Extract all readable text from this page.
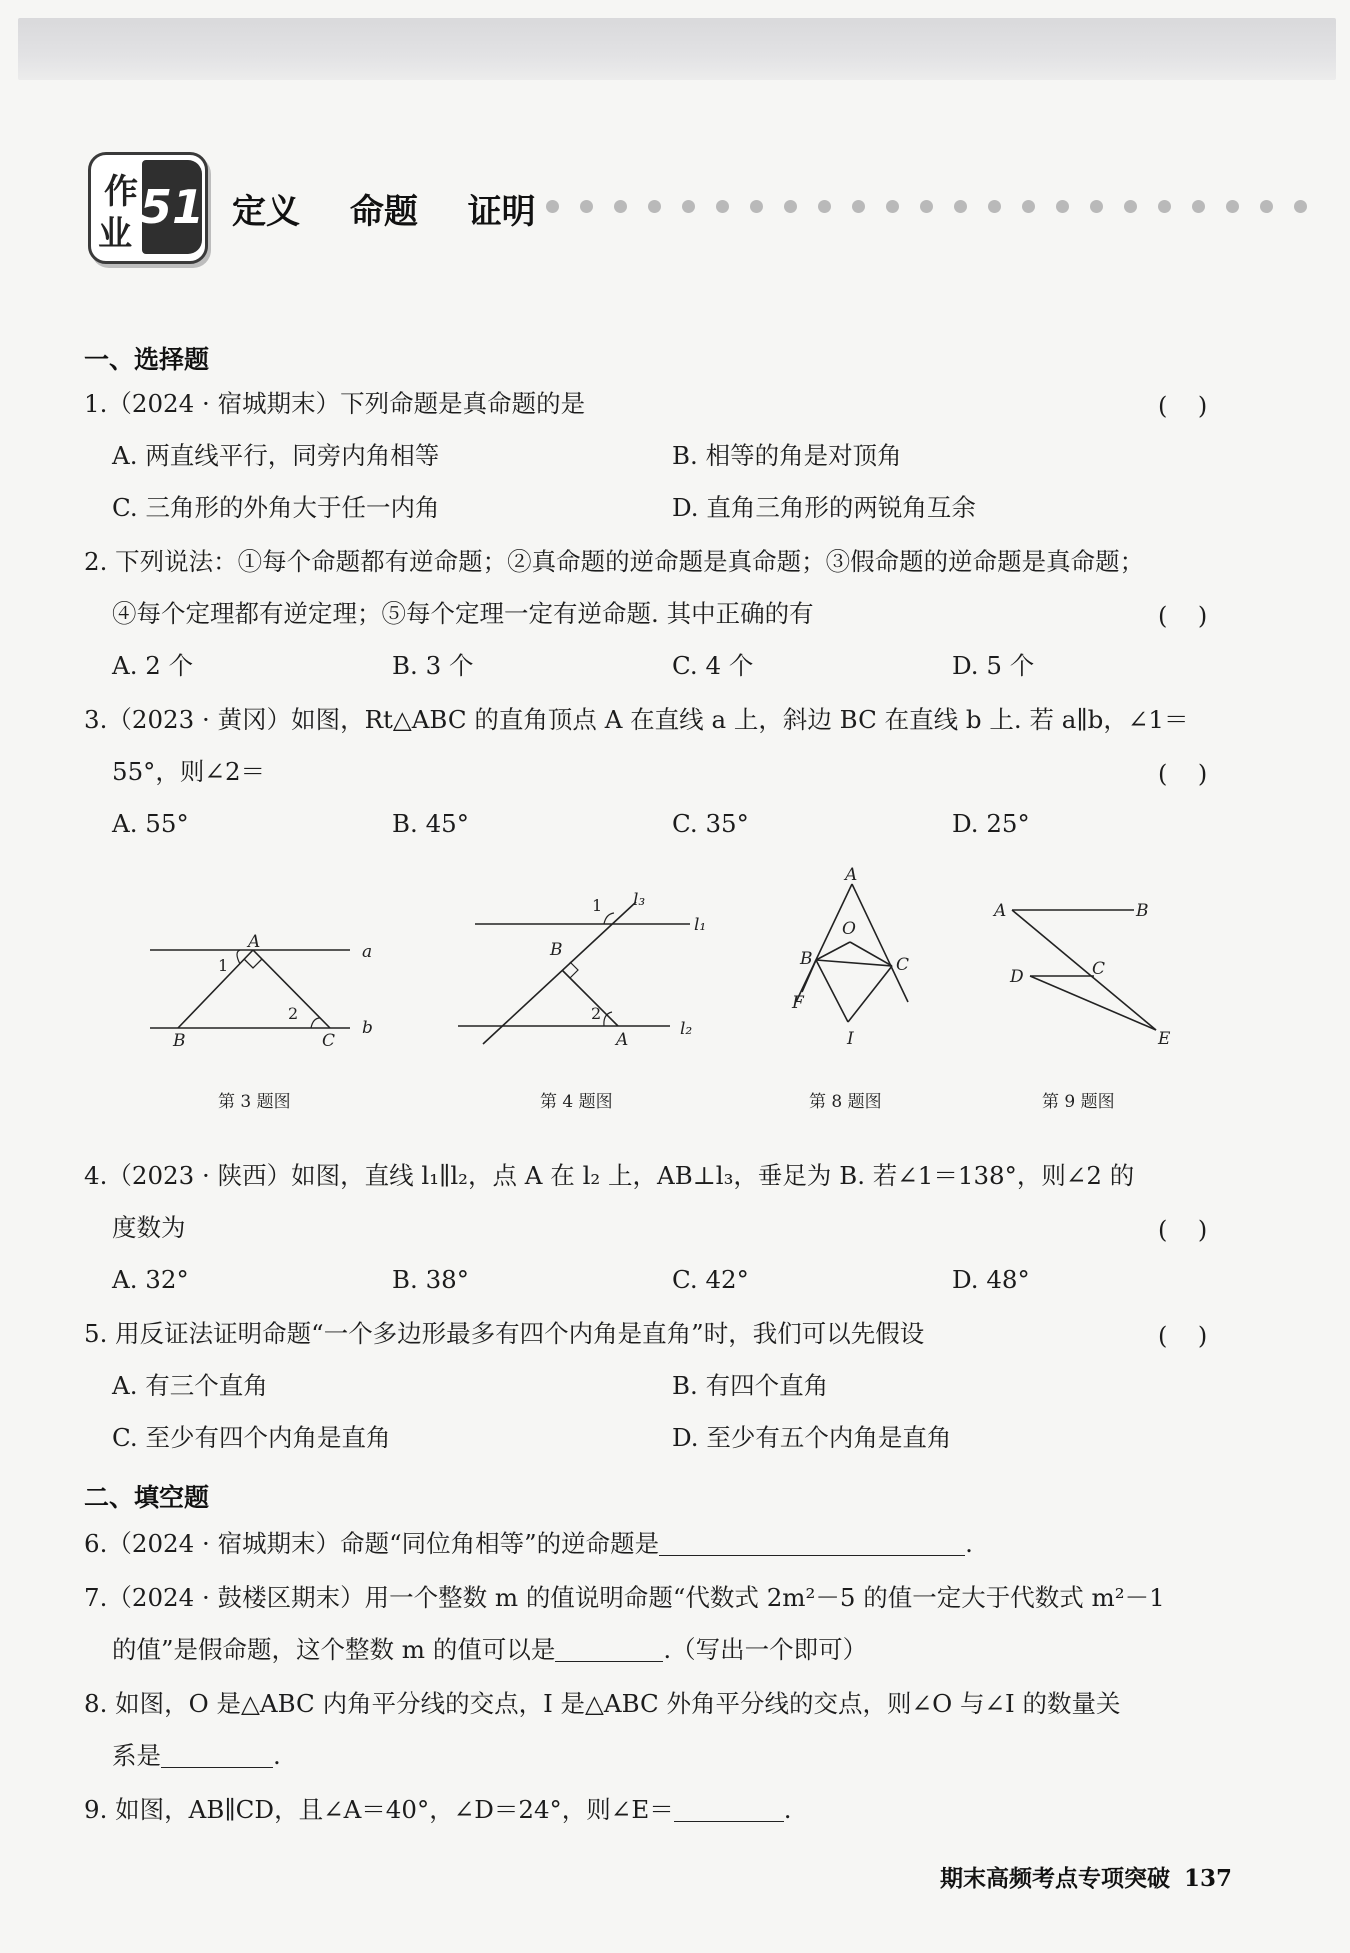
作
业 51 定义 命题 证明
一、选择题
1.（2024 · 宿城期末）下列命题是真命题的是	(    )
A. 两直线平行，同旁内角相等	B. 相等的角是对顶角
C. 三角形的外角大于任一内角	D. 直角三角形的两锐角互余
2. 下列说法：①每个命题都有逆命题；②真命题的逆命题是真命题；③假命题的逆命题是真命题；
④每个定理都有逆定理；⑤每个定理一定有逆命题. 其中正确的有	(    )
A. 2 个	B. 3 个	C. 4 个	D. 5 个
3.（2023 · 黄冈）如图，Rt△ABC 的直角顶点 A 在直线 a 上，斜边 BC 在直线 b 上. 若 a∥b，∠1＝
55°，则∠2＝	(    )
A. 55°	B. 45°	C. 35°	D. 25°
A
1
2
a
b
B	C
第 3 题图
1 l₃
l₁
B
2
A
l₂
第 4 题图
A
O
B	C
F
I
第 8 题图
A	B
D	C
E
第 9 题图
4.（2023 · 陕西）如图，直线 l₁∥l₂，点 A 在 l₂ 上，AB⊥l₃，垂足为 B. 若∠1＝138°，则∠2 的
度数为	(    )
A. 32°	B. 38°	C. 42°	D. 48°
5. 用反证法证明命题“一个多边形最多有四个内角是直角”时，我们可以先假设	(    )
A. 有三个直角	B. 有四个直角
C. 至少有四个内角是直角	D. 至少有五个内角是直角
二、填空题
6.（2024 · 宿城期末）命题“同位角相等”的逆命题是	.
7.（2024 · 鼓楼区期末）用一个整数 m 的值说明命题“代数式 2m²－5 的值一定大于代数式 m²－1
的值”是假命题，这个整数 m 的值可以是	.（写出一个即可）
8. 如图，O 是△ABC 内角平分线的交点，I 是△ABC 外角平分线的交点，则∠O 与∠I 的数量关
系是	.
9. 如图，AB∥CD，且∠A＝40°，∠D＝24°，则∠E＝	.
期末高频考点专项突破 137
